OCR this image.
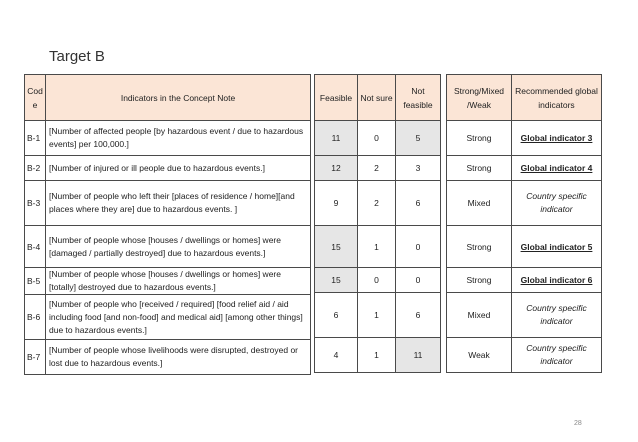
Target B
Cod e	Indicators in the Concept Note
B-1	[Number of affected people [by hazardous event / due to hazardous events] per 100,000.]
B-2	[Number of injured or ill people due to hazardous events.]
B-3	[Number of people who left their [places of residence / home][and places where they are] due to hazardous events. ]
B-4	[Number of people whose [houses / dwellings or homes] were [damaged / partially destroyed] due to hazardous events.]
B-5	[Number of people whose [houses / dwellings or homes] were [totally] destroyed due to hazardous events.]
B-6	[Number of people who [received / required] [food relief aid / aid including food [and non-food] and medical aid] [among other things] due to hazardous events.]
B-7	[Number of people whose livelihoods were disrupted, destroyed or lost due to hazardous events.]
Feasible	Not sure	Not feasible
11	0	5
12	2	3
9	2	6
15	1	0
15	0	0
6	1	6
4	1	11
Strong/Mixed /Weak	Recommended global indicators
Strong	Global indicator 3
Strong	Global indicator 4
Mixed	Country specific indicator
Strong	Global indicator 5
Strong	Global indicator 6
Mixed	Country specific indicator
Weak	Country specific indicator
28
